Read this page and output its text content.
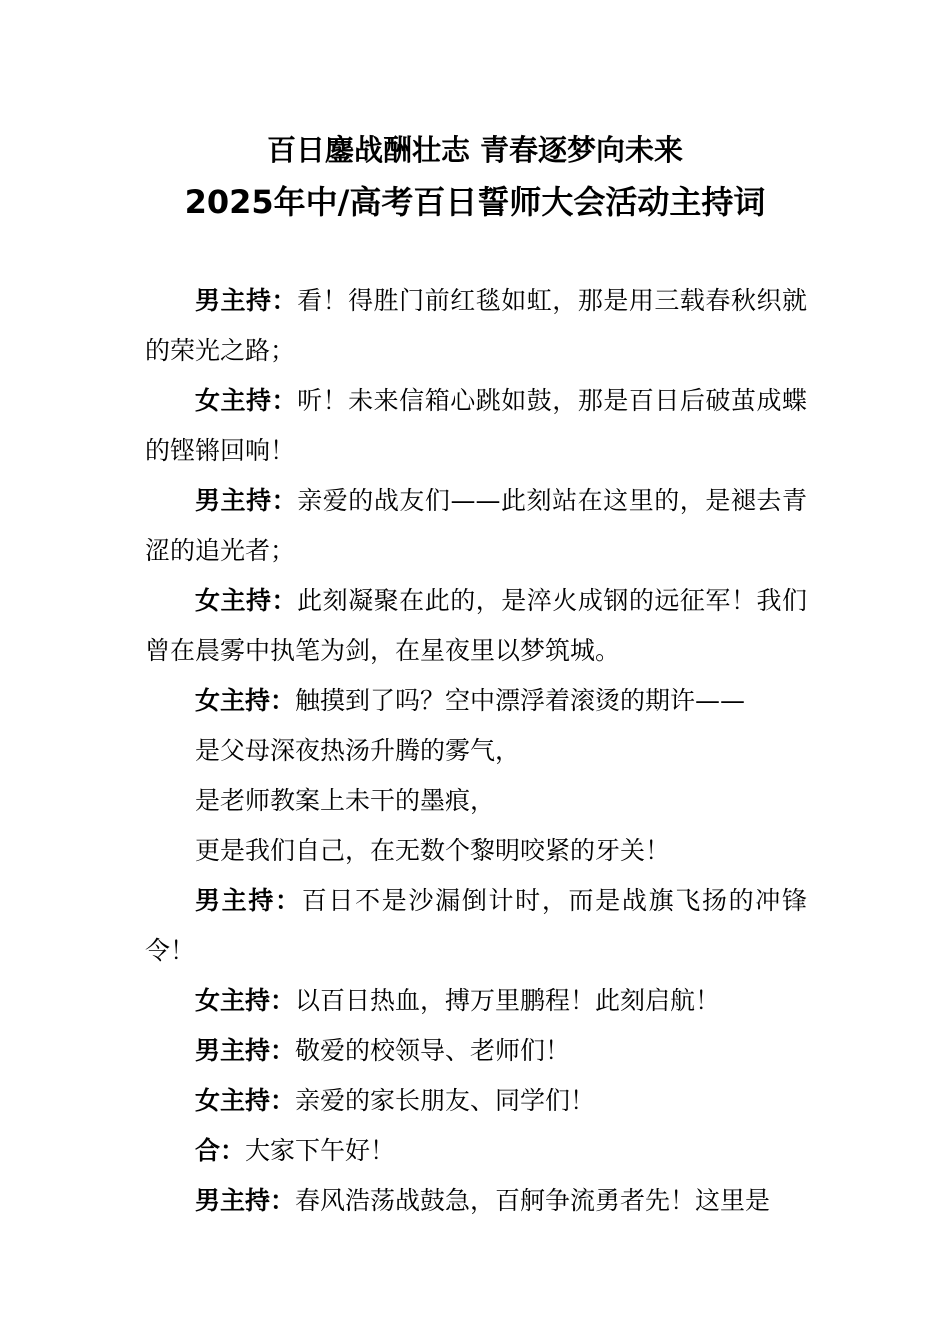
百日鏖战酬壮志 青春逐梦向未来
2025年中/高考百日誓师大会活动主持词

男主持：看！得胜门前红毯如虹，那是用三载春秋织就的荣光之路；

女主持：听！未来信箱心跳如鼓，那是百日后破茧成蝶的铿锵回响！

男主持：亲爱的战友们——此刻站在这里的，是褪去青涩的追光者；

女主持：此刻凝聚在此的，是淬火成钢的远征军！我们曾在晨雾中执笔为剑，在星夜里以梦筑城。

女主持：触摸到了吗？空中漂浮着滚烫的期许——

是父母深夜热汤升腾的雾气，

是老师教案上未干的墨痕，

更是我们自己，在无数个黎明咬紧的牙关！

男主持：百日不是沙漏倒计时，而是战旗飞扬的冲锋令！

女主持：以百日热血，搏万里鹏程！此刻启航！

男主持：敬爱的校领导、老师们！

女主持：亲爱的家长朋友、同学们！

合：大家下午好！

男主持：春风浩荡战鼓急，百舸争流勇者先！这里是
